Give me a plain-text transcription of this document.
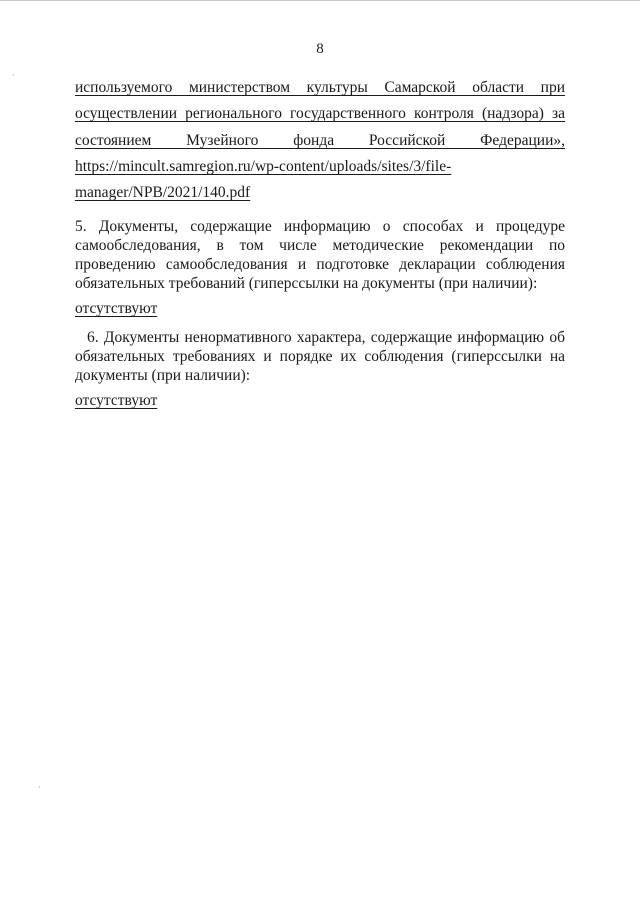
8
используемого министерством культуры Самарской области при
осуществлении регионального государственного контроля (надзора) за
состоянием Музейного фонда Российской Федерации»,
https://mincult.samregion.ru/wp-content/uploads/sites/3/file-
manager/NPB/2021/140.pdf
5. Документы, содержащие информацию о способах и процедуре самообследования, в том числе методические рекомендации по проведению самообследования и подготовке декларации соблюдения обязательных требований (гиперссылки на документы (при наличии):
отсутствуют
6. Документы ненормативного характера, содержащие информацию об обязательных требованиях и порядке их соблюдения (гиперссылки на документы (при наличии):
отсутствуют
·
·
